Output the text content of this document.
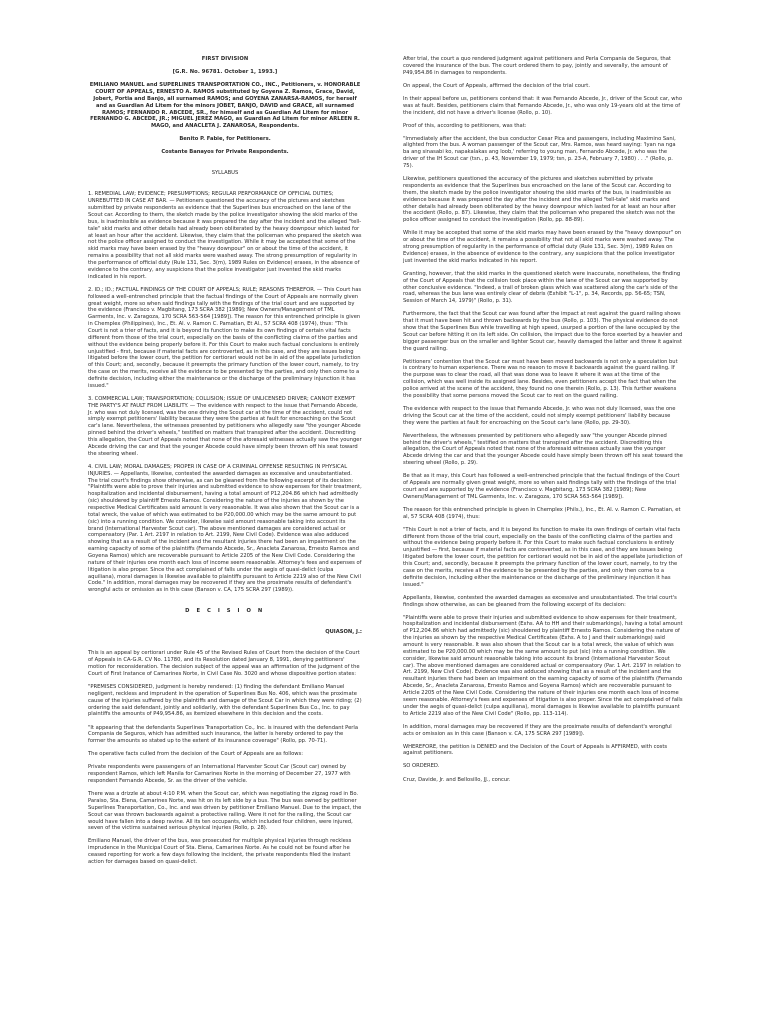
FIRST DIVISION

[G.R. No. 96781. October 1, 1993.]

EMILIANO MANUEL and SUPERLINES TRANSPORTATION CO., INC., Petitioners, v. HONORABLE COURT OF APPEALS, ERNESTO A. RAMOS substituted by Goyena Z. Ramos, Grace, David, Jobert, Portia and Banjo, all surnamed RAMOS; and GOYENA ZANARSA-RAMOS, for herself and as Guardian Ad Litem for the minors JOBET, BANJO, DAVID and GRACE, all surnamed RAMOS; FERNANDO R. ABCEDE, SR., for himself and as Guardian Ad Litem for minor FERNANDO G. ABCEDE, JR.; MIGUEL JEREZ MAGO, as Guardian Ad Litem for minor ARLEEN R. MAGO, and ANACLETA J. ZANAROSA, Respondents.

Benito P. Fabie, for Petitioners.

Costante Banayos for Private Respondents.

SYLLABUS

1. REMEDIAL LAW; EVIDENCE; PRESUMPTIONS; REGULAR PERFORMANCE OF OFFICIAL DUTIES; UNREBUTTED IN CASE AT BAR. — Petitioners questioned the accuracy of the pictures and sketches submitted by private respondents as evidence that the Superlines bus encroached on the lane of the Scout car. According to them, the sketch made by the police investigator showing the skid marks of the bus, is inadmissible as evidence because it was prepared the day after the incident and the alleged "tell-tale" skid marks and other details had already been obliterated by the heavy downpour which lasted for at least an hour after the accident. Likewise, they claim that the policeman who prepared the sketch was not the police officer assigned to conduct the investigation. While it may be accepted that some of the skid marks may have been erased by the "heavy downpour" on or about the time of the accident, it remains a possibility that not all skid marks were washed away. The strong presumption of regularity in the performance of official duty (Rule 131, Sec. 3(m), 1989 Rules on Evidence) erases, in the absence of evidence to the contrary, any suspicions that the police investigator just invented the skid marks indicated in his report.

2. ID.; ID.; FACTUAL FINDINGS OF THE COURT OF APPEALS; RULE; REASONS THEREFOR. — This Court has followed a well-entrenched principle that the factual findings of the Court of Appeals are normally given great weight, more so when said findings tally with the findings of the trial court and are supported by the evidence (Francisco v. Magbitang, 173 SCRA 382 [1989]; New Owners/Management of TML Garments, Inc. v. Zaragoza, 170 SCRA 563-564 [1989]). The reason for this entrenched principle is given in Chemplex (Philippines), Inc., Et. Al. v. Ramon C. Pamatian, Et Al., 57 SCRA 408 (1974), thus: "This Court is not a trier of facts, and it is beyond its function to make its own findings of certain vital facts different from those of the trial court, especially on the basis of the conflicting claims of the parties and without the evidence being properly before it. For this Court to make such factual conclusions is entirely unjustified - first, because if material facts are controverted, as in this case, and they are issues being litigated before the lower court, the petition for certiorari would not be in aid of the appellate jurisdiction of this Court; and, secondly, because it preempts the primary function of the lower court, namely, to try the case on the merits, receive all the evidence to be presented by the parties, and only then come to a definite decision, including either the maintenance or the discharge of the preliminary injunction it has issued."

3. COMMERCIAL LAW; TRANSPORTATION; COLLISION; ISSUE OF UNLICENSED DRIVER; CANNOT EXEMPT THE PARTY'S AT FAULT FROM LIABILITY. — The evidence with respect to the issue that Fernando Abcede, Jr. who was not duly licensed, was the one driving the Scout car at the time of the accident, could not simply exempt petitioners' liability because they were the parties at fault for encroaching on the Scout car's lane. Nevertheless, the witnesses presented by petitioners who allegedly saw "the younger Abcede pinned behind the driver's wheels," testified on matters that transpired after the accident. Discrediting this allegation, the Court of Appeals noted that none of the aforesaid witnesses actually saw the younger Abcede driving the car and that the younger Abcede could have simply been thrown off his seat toward the steering wheel.

4. CIVIL LAW; MORAL DAMAGES; PROPER IN CASE OF A CRIMINAL OFFENSE RESULTING IN PHYSICAL INJURIES. — Appellants, likewise, contested the awarded damages as excessive and unsubstantiated. The trial court's findings show otherwise, as can be gleaned from the following excerpt of its decision: "Plaintiffs were able to prove their injuries and submitted evidence to show expenses for their treatment, hospitalization and incidental disbursement, having a total amount of P12,204.86 which had admittedly (sic) shouldered by plaintiff Ernesto Ramos. Considering the nature of the injuries as shown by the respective Medical Certificates said amount is very reasonable. It was also shown that the Scout car is a total wreck, the value of which was estimated to be P20,000.00 which may be the same amount to put (sic) into a running condition. We consider, likewise said amount reasonable taking into account its brand (International Harvester Scout car). The above mentioned damages are considered actual or compensatory (Par. 1 Art. 2197 in relation to Art. 2199, New Civil Code). Evidence was also adduced showing that as a result of the incident and the resultant injuries there had been an impairment on the earning capacity of some of the plaintiffs (Fernando Abcede, Sr., Anacleta Zanarosa, Ernesto Ramos and Goyena Ramos) which are recoverable pursuant to Article 2205 of the New Civil Code. Considering the nature of their injuries one month each loss of income seem reasonable. Attorney's fees and expenses of litigation is also proper. Since the act complained of falls under the aegis of quasi-delict (culpa aquiliana), moral damages is likewise available to plaintiffs pursuant to Article 2219 also of the New Civil Code." In addition, moral damages may be recovered if they are the proximate results of defendant's wrongful acts or omission as in this case (Banson v. CA, 175 SCRA 297 (1989)).

D E C I S I O N

QUIASON, J.:

This is an appeal by certiorari under Rule 45 of the Revised Rules of Court from the decision of the Court of Appeals in CA-G.R. CV No. 11780, and its Resolution dated January 8, 1991, denying petitioners' motion for reconsideration. The decision subject of the appeal was an affirmation of the judgment of the Court of First Instance of Camarines Norte, in Civil Case No. 3020 and whose dispositive portion states:

"PREMISES CONSIDERED, judgment is hereby rendered: (1) finding the defendant Emiliano Manuel negligent, reckless and imprudent in the operation of Superlines Bus No. 406, which was the proximate cause of the injuries suffered by the plaintiffs and damage of the Scout Car in which they were riding; (2) ordering the said defendant, jointly and solidarily, with the defendant Superlines Bus Co., Inc. to pay plaintiffs the amounts of P49,954.86, as itemized elsewhere in this decision and the costs.

"It appearing that the defendants Superlines Transportation Co., Inc. is insured with the defendant Perla Compania de Seguros, which has admitted such insurance, the latter is hereby ordered to pay the former the amounts so stated up to the extent of its insurance coverage" (Rollo, pp. 70-71).

The operative facts culled from the decision of the Court of Appeals are as follows:

Private respondents were passengers of an International Harvester Scout Car (Scout car) owned by respondent Ramos, which left Manila for Camarines Norte in the morning of December 27, 1977 with respondent Fernando Abcede, Sr. as the driver of the vehicle.

There was a drizzle at about 4:10 P.M. when the Scout car, which was negotiating the zigzag road in Bo. Paraiso, Sta. Elena, Camarines Norte, was hit on its left side by a bus. The bus was owned by petitioner Superlines Transportation, Co., Inc. and was driven by petitioner Emiliano Manuel. Due to the impact, the Scout car was thrown backwards against a protective railing. Were it not for the railing, the Scout car would have fallen into a deep ravine. All its ten occupants, which included four children, were injured, seven of the victims sustained serious physical injuries (Rollo, p. 28).

Emiliano Manuel, the driver of the bus, was prosecuted for multiple physical injuries through reckless imprudence in the Municipal Court of Sta. Elena, Camarines Norte. As he could not be found after he ceased reporting for work a few days following the incident, the private respondents filed the instant action for damages based on quasi-delict.

After trial, the court a quo rendered judgment against petitioners and Perla Compania de Seguros, that covered the insurance of the bus. The court ordered them to pay, jointly and severally, the amount of P49,954.86 in damages to respondents.

On appeal, the Court of Appeals, affirmed the decision of the trial court.

In their appeal before us, petitioners contend that: it was Fernando Abcede, Jr., driver of the Scout car, who was at fault. Besides, petitioners claim that Fernando Abcede, Jr., who was only 19-years old at the time of the incident, did not have a driver's license (Rollo, p. 10).

Proof of this, according to petitioners, was that:

"Immediately after the accident, the bus conductor Cesar Pica and passengers, including Maximino Sani, alighted from the bus. A woman passenger of the Scout car, Mrs. Ramos, was heard saying: 'Iyan na nga ba ang sinasabi ko, napakalakas ang loob,' referring to young man, Fernando Abcede, Jr. who was the driver of the IH Scout car (tsn., p. 43, November 19, 1979; tsn, p. 23-A, February 7, 1980) . . ." (Rollo, p. 75).

Likewise, petitioners questioned the accuracy of the pictures and sketches submitted by private respondents as evidence that the Superlines bus encroached on the lane of the Scout car. According to them, the sketch made by the police investigator showing the skid marks of the bus, is inadmissible as evidence because it was prepared the day after the incident and the alleged "tell-tale" skid marks and other details had already been obliterated by the heavy downpour which lasted for at least an hour after the accident (Rollo, p. 87). Likewise, they claim that the policeman who prepared the sketch was not the police officer assigned to conduct the investigation (Rollo, pp. 88-89).

While it may be accepted that some of the skid marks may have been erased by the "heavy downpour" on or about the time of the accident, it remains a possibility that not all skid marks were washed away. The strong presumption of regularity in the performance of official duty (Rule 131, Sec. 3(m), 1989 Rules on Evidence) erases, in the absence of evidence to the contrary, any suspicions that the police investigator just invented the skid marks indicated in his report.

Granting, however, that the skid marks in the questioned sketch were inaccurate, nonetheless, the finding of the Court of Appeals that the collision took place within the lane of the Scout car was supported by other conclusive evidence. "Indeed, a trail of broken glass which was scattered along the car's side of the road, whereas the bus lane was entirely clear of debris (Exhibit "L-1", p. 34, Records, pp. 56-65; TSN, Session of March 14, 1979)" (Rollo, p. 31).

Furthermore, the fact that the Scout car was found after the impact at rest against the guard railing shows that it must have been hit and thrown backwards by the bus (Rollo, p. 103). The physical evidence do not show that the Superlines Bus while travelling at high speed, usurped a portion of the lane occupied by the Scout car before hitting it on its left side. On collision, the impact due to the force exerted by a heavier and bigger passenger bus on the smaller and lighter Scout car, heavily damaged the latter and threw it against the guard railing.

Petitioners' contention that the Scout car must have been moved backwards is not only a speculation but is contrary to human experience. There was no reason to move it backwards against the guard railing. If the purpose was to clear the road, all that was done was to leave it where it was at the time of the collision, which was well inside its assigned lane. Besides, even petitioners accept the fact that when the police arrived at the scene of the accident, they found no one therein (Rollo, p. 13). This further weakens the possibility that some persons moved the Scout car to rest on the guard railing.

The evidence with respect to the issue that Fernando Abcede, Jr. who was not duly licensed, was the one driving the Scout car at the time of the accident, could not simply exempt petitioners' liability because they were the parties at fault for encroaching on the Scout car's lane (Rollo, pp. 29-30).

Nevertheless, the witnesses presented by petitioners who allegedly saw "the younger Abcede pinned behind the driver's wheels," testified on matters that transpired after the accident. Discrediting this allegation, the Court of Appeals noted that none of the aforesaid witnesses actually saw the younger Abcede driving the car and that the younger Abcede could have simply been thrown off his seat toward the steering wheel (Rollo, p. 29).

Be that as it may, this Court has followed a well-entrenched principle that the factual findings of the Court of Appeals are normally given great weight, more so when said findings tally with the findings of the trial court and are supported by the evidence (Francisco v. Magbitang, 173 SCRA 382 [1989]; New Owners/Management of TML Garments, Inc. v. Zaragoza, 170 SCRA 563-564 [1989]).

The reason for this entrenched principle is given in Chemplex (Phils.), Inc., Et. Al. v. Ramon C. Pamatian, et al, 57 SCRA 408 (1974), thus:

"This Court is not a trier of facts, and it is beyond its function to make its own findings of certain vital facts different from those of the trial court, especially on the basis of the conflicting claims of the parties and without the evidence being properly before it. For this Court to make such factual conclusions is entirely unjustified — first, because if material facts are controverted, as in this case, and they are issues being litigated before the lower court, the petition for certiorari would not be in aid of the appellate jurisdiction of this Court; and, secondly, because it preempts the primary function of the lower court, namely, to try the case on the merits, receive all the evidence to be presented by the parties, and only then come to a definite decision, including either the maintenance or the discharge of the preliminary injunction it has issued."

Appellants, likewise, contested the awarded damages as excessive and unsubstantiated. The trial court's findings show otherwise, as can be gleaned from the following excerpt of its decision:

"Plaintiffs were able to prove their injuries and submitted evidence to show expenses for their treatment, hospitalization and incidental disbursement (Exhs. AA to HH and their submarkings), having a total amount of P12,204.86 which had admittedly (sic) shouldered by plaintiff Ernesto Ramos. Considering the nature of the injuries as shown by the respective Medical Certificates (Exhs. A to J and their submarkings) said amount is very reasonable. It was also shown that the Scout car is a total wreck, the value of which was estimated to be P20,000.00 which may be the same amount to put (sic) into a running condition. We consider, likewise said amount reasonable taking into account its brand (International Harvester Scout car). The above mentioned damages are considered actual or compensatory (Par. 1 Art. 2197 in relation to Art. 2199, New Civil Code). Evidence was also adduced showing that as a result of the incident and the resultant injuries there had been an impairment on the earning capacity of some of the plaintiffs (Fernando Abcede, Sr., Anacleta Zanarosa, Ernesto Ramos and Goyena Ramos) which are recoverable pursuant to Article 2205 of the New Civil Code. Considering the nature of their injuries one month each loss of income seem reasonable. Attorney's fees and expenses of litigation is also proper. Since the act complained of falls under the aegis of quasi-delict (culpa aquiliana), moral damages is likewise available to plaintiffs pursuant to Article 2219 also of the New Civil Code" (Rollo, pp. 113-114).

In addition, moral damages may be recovered if they are the proximate results of defendant's wrongful acts or omission as in this case (Banson v. CA, 175 SCRA 297 [1989]).

WHEREFORE, the petition is DENIED and the Decision of the Court of Appeals is AFFIRMED, with costs against petitioners.

SO ORDERED.

Cruz, Davide, Jr. and Bellosillo, JJ., concur.
